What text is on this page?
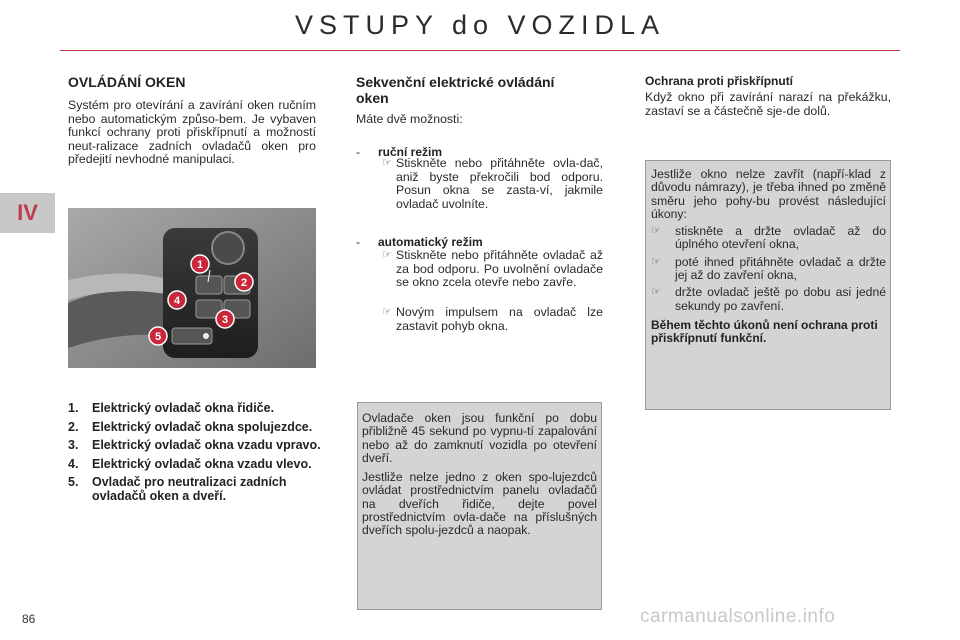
VSTUPY do VOZIDLA
IV
OVLÁDÁNÍ OKEN
Systém pro otevírání a zavírání oken ručním nebo automatickým způso-bem. Je vybaven funkcí ochrany proti přiskřípnutí a možností neut-ralizace zadních ovladačů oken pro předejití nevhodné manipulaci.
1
2
3
4
5
1.	Elektrický ovladač okna řidiče.
2.	Elektrický ovladač okna spolujezdce.
3.	Elektrický ovladač okna vzadu vpravo.
4.	Elektrický ovladač okna vzadu vlevo.
5.	Ovladač pro neutralizaci zadních ovladačů oken a dveří.
Sekvenční elektrické ovládání oken
Máte dvě možnosti:
- ruční režim
☞ Stiskněte nebo přitáhněte ovla-dač, aniž byste překročili bod odporu. Posun okna se zasta-ví, jakmile ovladač uvolníte.
- automatický režim
☞ Stiskněte nebo přitáhněte ovladač až za bod odporu. Po uvolnění ovladače se okno zcela otevře nebo zavře.
☞ Novým impulsem na ovladač lze zastavit pohyb okna.
Ovladače oken jsou funkční po dobu přibližně 45 sekund po vypnu-tí zapalování nebo až do zamknutí vozidla po otevření dveří.
Jestliže nelze jedno z oken spo-lujezdců ovládat prostřednictvím panelu ovladačů na dveřích řidiče, dejte povel prostřednictvím ovla-dače na příslušných dveřích spolu-jezdců a naopak.
Ochrana proti přiskřípnutí
Když okno při zavírání narazí na překážku, zastaví se a částečně sje-de dolů.
Jestliže okno nelze zavřít (napří-klad z důvodu námrazy), je třeba ihned po změně směru jeho pohy-bu provést následující úkony:
☞	stiskněte a držte ovladač až do úplného otevření okna,
☞	poté ihned přitáhněte ovladač a držte jej až do zavření okna,
☞	držte ovladač ještě po dobu asi jedné sekundy po zavření.
Během těchto úkonů není ochrana proti přiskřípnutí funkční.
86	carmanualsonline.info
